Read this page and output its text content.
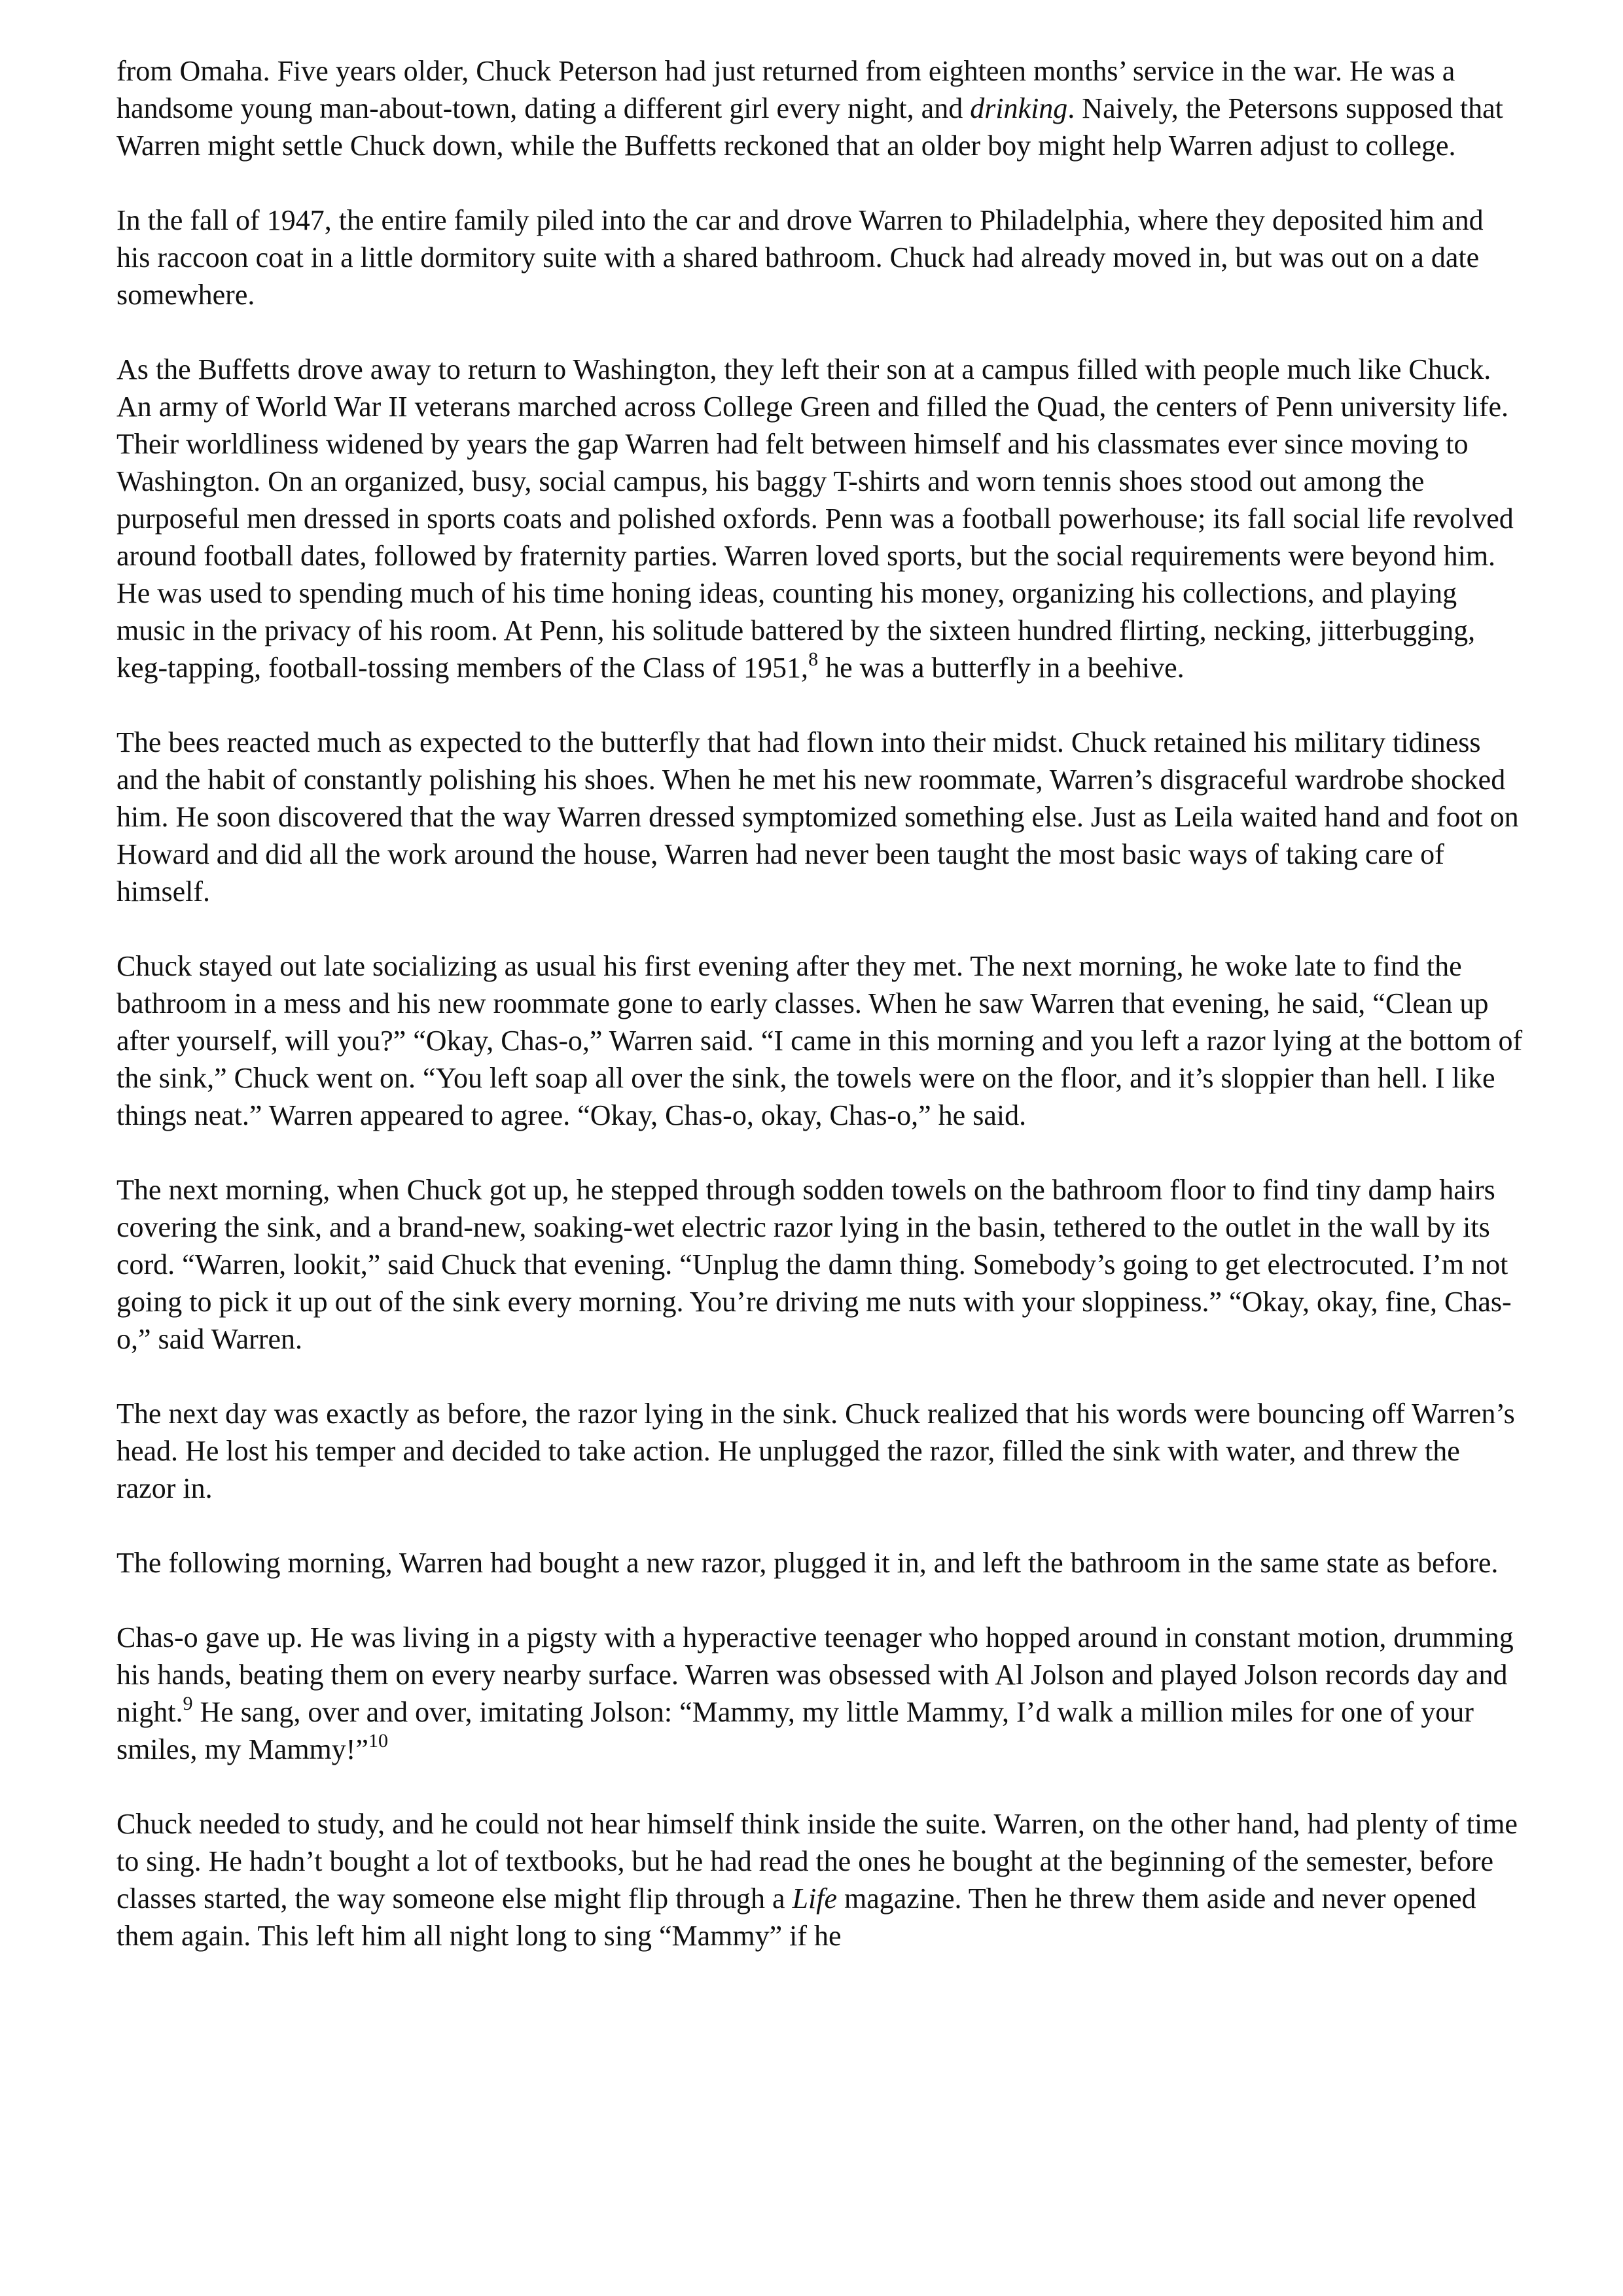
from Omaha. Five years older, Chuck Peterson had just returned from eighteen months’ service in the war. He was a handsome young man-about-town, dating a different girl every night, and drinking. Naively, the Petersons supposed that Warren might settle Chuck down, while the Buffetts reckoned that an older boy might help Warren adjust to college.

In the fall of 1947, the entire family piled into the car and drove Warren to Philadelphia, where they deposited him and his raccoon coat in a little dormitory suite with a shared bathroom. Chuck had already moved in, but was out on a date somewhere.

As the Buffetts drove away to return to Washington, they left their son at a campus filled with people much like Chuck. An army of World War II veterans marched across College Green and filled the Quad, the centers of Penn university life. Their worldliness widened by years the gap Warren had felt between himself and his classmates ever since moving to Washington. On an organized, busy, social campus, his baggy T-shirts and worn tennis shoes stood out among the purposeful men dressed in sports coats and polished oxfords. Penn was a football powerhouse; its fall social life revolved around football dates, followed by fraternity parties. Warren loved sports, but the social requirements were beyond him. He was used to spending much of his time honing ideas, counting his money, organizing his collections, and playing music in the privacy of his room. At Penn, his solitude battered by the sixteen hundred flirting, necking, jitterbugging, keg-tapping, football-tossing members of the Class of 1951,$^8$ he was a butterfly in a beehive.

The bees reacted much as expected to the butterfly that had flown into their midst. Chuck retained his military tidiness and the habit of constantly polishing his shoes. When he met his new roommate, Warren’s disgraceful wardrobe shocked him. He soon discovered that the way Warren dressed symptomized something else. Just as Leila waited hand and foot on Howard and did all the work around the house, Warren had never been taught the most basic ways of taking care of himself.

Chuck stayed out late socializing as usual his first evening after they met. The next morning, he woke late to find the bathroom in a mess and his new roommate gone to early classes. When he saw Warren that evening, he said, “Clean up after yourself, will you?” “Okay, Chas-o,” Warren said. “I came in this morning and you left a razor lying at the bottom of the sink,” Chuck went on. “You left soap all over the sink, the towels were on the floor, and it’s sloppier than hell. I like things neat.” Warren appeared to agree. “Okay, Chas-o, okay, Chas-o,” he said.

The next morning, when Chuck got up, he stepped through sodden towels on the bathroom floor to find tiny damp hairs covering the sink, and a brand-new, soaking-wet electric razor lying in the basin, tethered to the outlet in the wall by its cord. “Warren, lookit,” said Chuck that evening. “Unplug the damn thing. Somebody’s going to get electrocuted. I’m not going to pick it up out of the sink every morning. You’re driving me nuts with your sloppiness.” “Okay, okay, fine, Chas-o,” said Warren.

The next day was exactly as before, the razor lying in the sink. Chuck realized that his words were bouncing off Warren’s head. He lost his temper and decided to take action. He unplugged the razor, filled the sink with water, and threw the razor in.

The following morning, Warren had bought a new razor, plugged it in, and left the bathroom in the same state as before.

Chas-o gave up. He was living in a pigsty with a hyperactive teenager who hopped around in constant motion, drumming his hands, beating them on every nearby surface. Warren was obsessed with Al Jolson and played Jolson records day and night.$^9$ He sang, over and over, imitating Jolson: “Mammy, my little Mammy, I’d walk a million miles for one of your smiles, my Mammy!”$^{10}$

Chuck needed to study, and he could not hear himself think inside the suite. Warren, on the other hand, had plenty of time to sing. He hadn’t bought a lot of textbooks, but he had read the ones he bought at the beginning of the semester, before classes started, the way someone else might flip through a Life magazine. Then he threw them aside and never opened them again. This left him all night long to sing “Mammy” if he
